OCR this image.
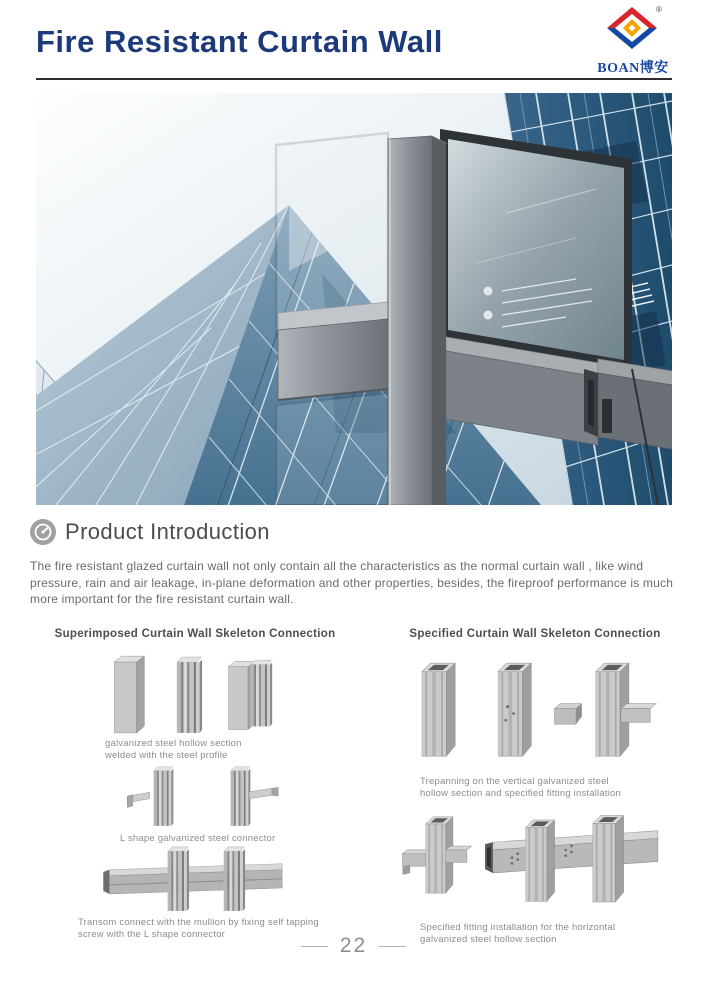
Fire Resistant Curtain Wall
®
BOAN博安
Product Introduction
The fire resistant glazed curtain wall not only contain all the characteristics as the normal curtain wall , like wind pressure, rain and air leakage, in-plane deformation and other properties, besides, the fireproof performance is much more important for the fire resistant curtain wall.
Superimposed Curtain Wall Skeleton Connection
galvanized steel hollow section
welded with the steel profile
L shape galvanized steel connector
Transom connect with the mullion by fixing self tapping
screw with the L shape connector
Specified Curtain Wall Skeleton Connection
Trepanning on the vertical galvanized steel
hollow section and specified fitting installation
Specified fitting installation for the horizontal
galvanized steel hollow section
22
